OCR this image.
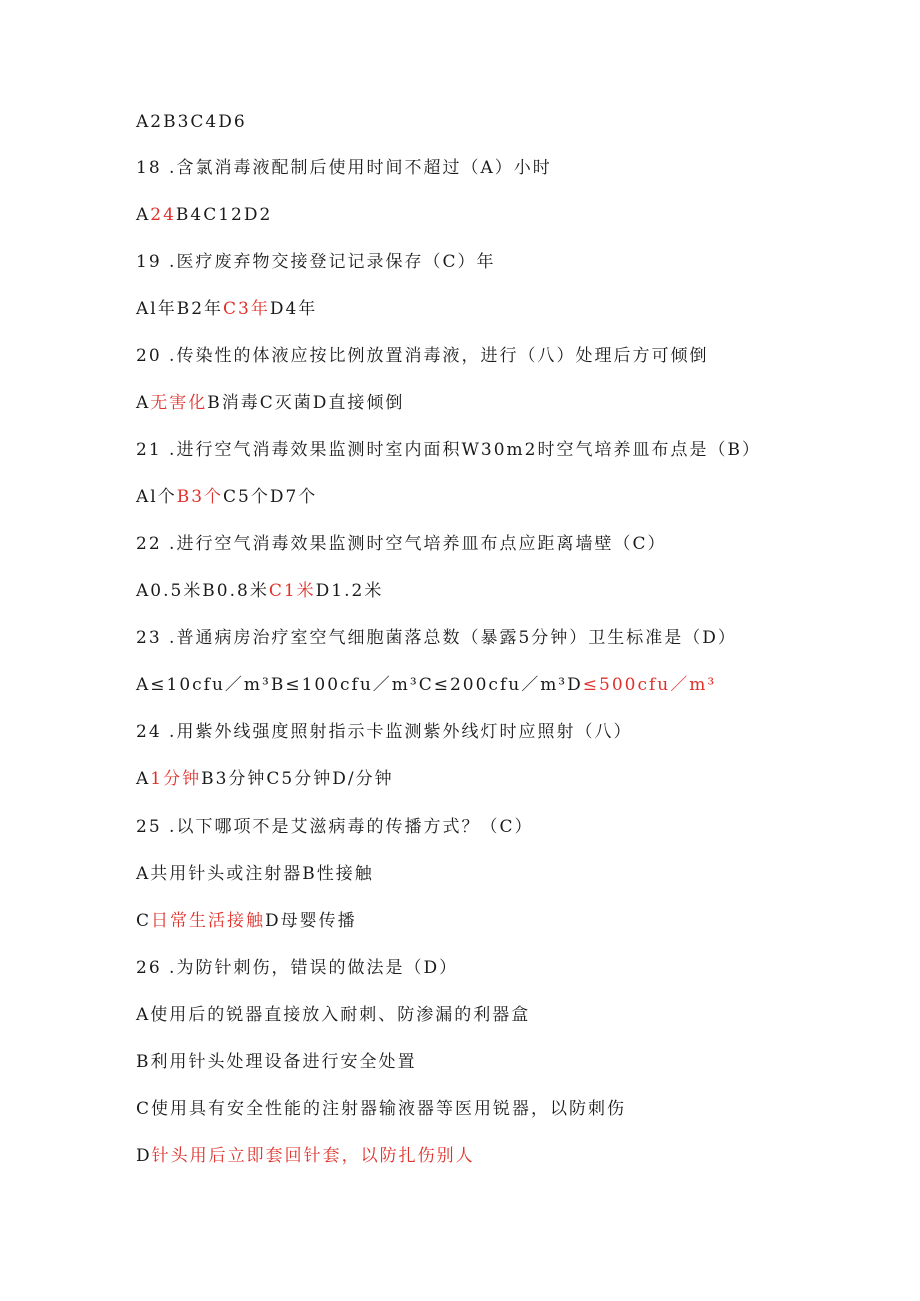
A2B3C4D6
18 .含氯消毒液配制后使用时间不超过（A）小时
A24B4C12D2
19 .医疗废弃物交接登记记录保存（C）年
Al年B2年C3年D4年
20 .传染性的体液应按比例放置消毒液，进行（八）处理后方可倾倒
A无害化B消毒C灭菌D直接倾倒
21 .进行空气消毒效果监测时室内面积W30m2时空气培养皿布点是（B）
Al个B3个C5个D7个
22 .进行空气消毒效果监测时空气培养皿布点应距离墙壁（C）
A0.5米B0.8米C1米D1.2米
23 .普通病房治疗室空气细胞菌落总数（暴露5分钟）卫生标准是（D）
A≤10cfu／m³B≤100cfu／m³C≤200cfu／m³D≤500cfu／m³
24 .用紫外线强度照射指示卡监测紫外线灯时应照射（八）
A1分钟B3分钟C5分钟D/分钟
25 .以下哪项不是艾滋病毒的传播方式？（C）
A共用针头或注射器B性接触
C日常生活接触D母婴传播
26 .为防针刺伤，错误的做法是（D）
A使用后的锐器直接放入耐刺、防渗漏的利器盒
B利用针头处理设备进行安全处置
C使用具有安全性能的注射器输液器等医用锐器，以防刺伤
D针头用后立即套回针套，以防扎伤别人
